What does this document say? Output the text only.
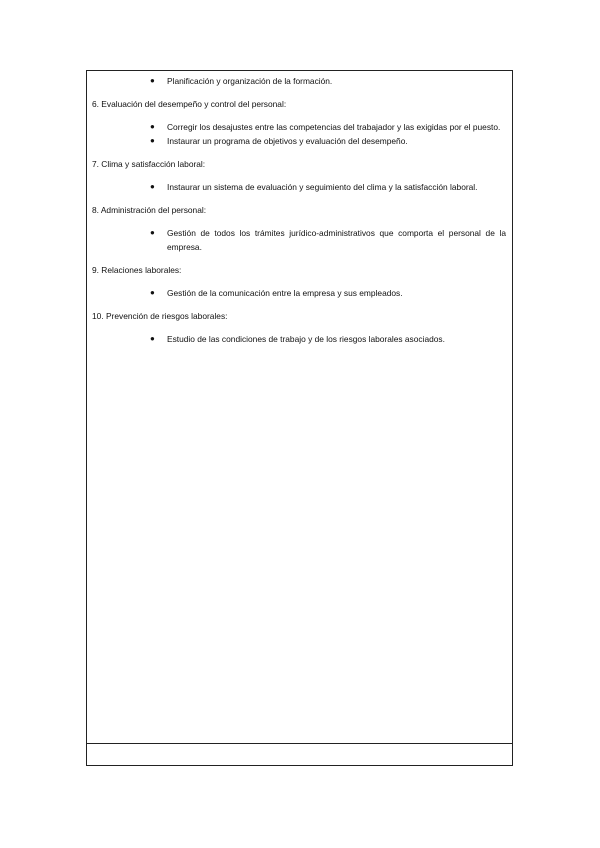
● Planificación y organización de la formación.

6. Evaluación del desempeño y control del personal:

● Corregir los desajustes entre las competencias del trabajador y las exigidas por el puesto.
● Instaurar un programa de objetivos y evaluación del desempeño.

7. Clima y satisfacción laboral:

● Instaurar un sistema de evaluación y seguimiento del clima y la satisfacción laboral.

8. Administración del personal:

● Gestión de todos los trámites jurídico-administrativos que comporta el personal de la empresa.

9. Relaciones laborales:

● Gestión de la comunicación entre la empresa y sus empleados.

10. Prevención de riesgos laborales:

● Estudio de las condiciones de trabajo y de los riesgos laborales asociados.
